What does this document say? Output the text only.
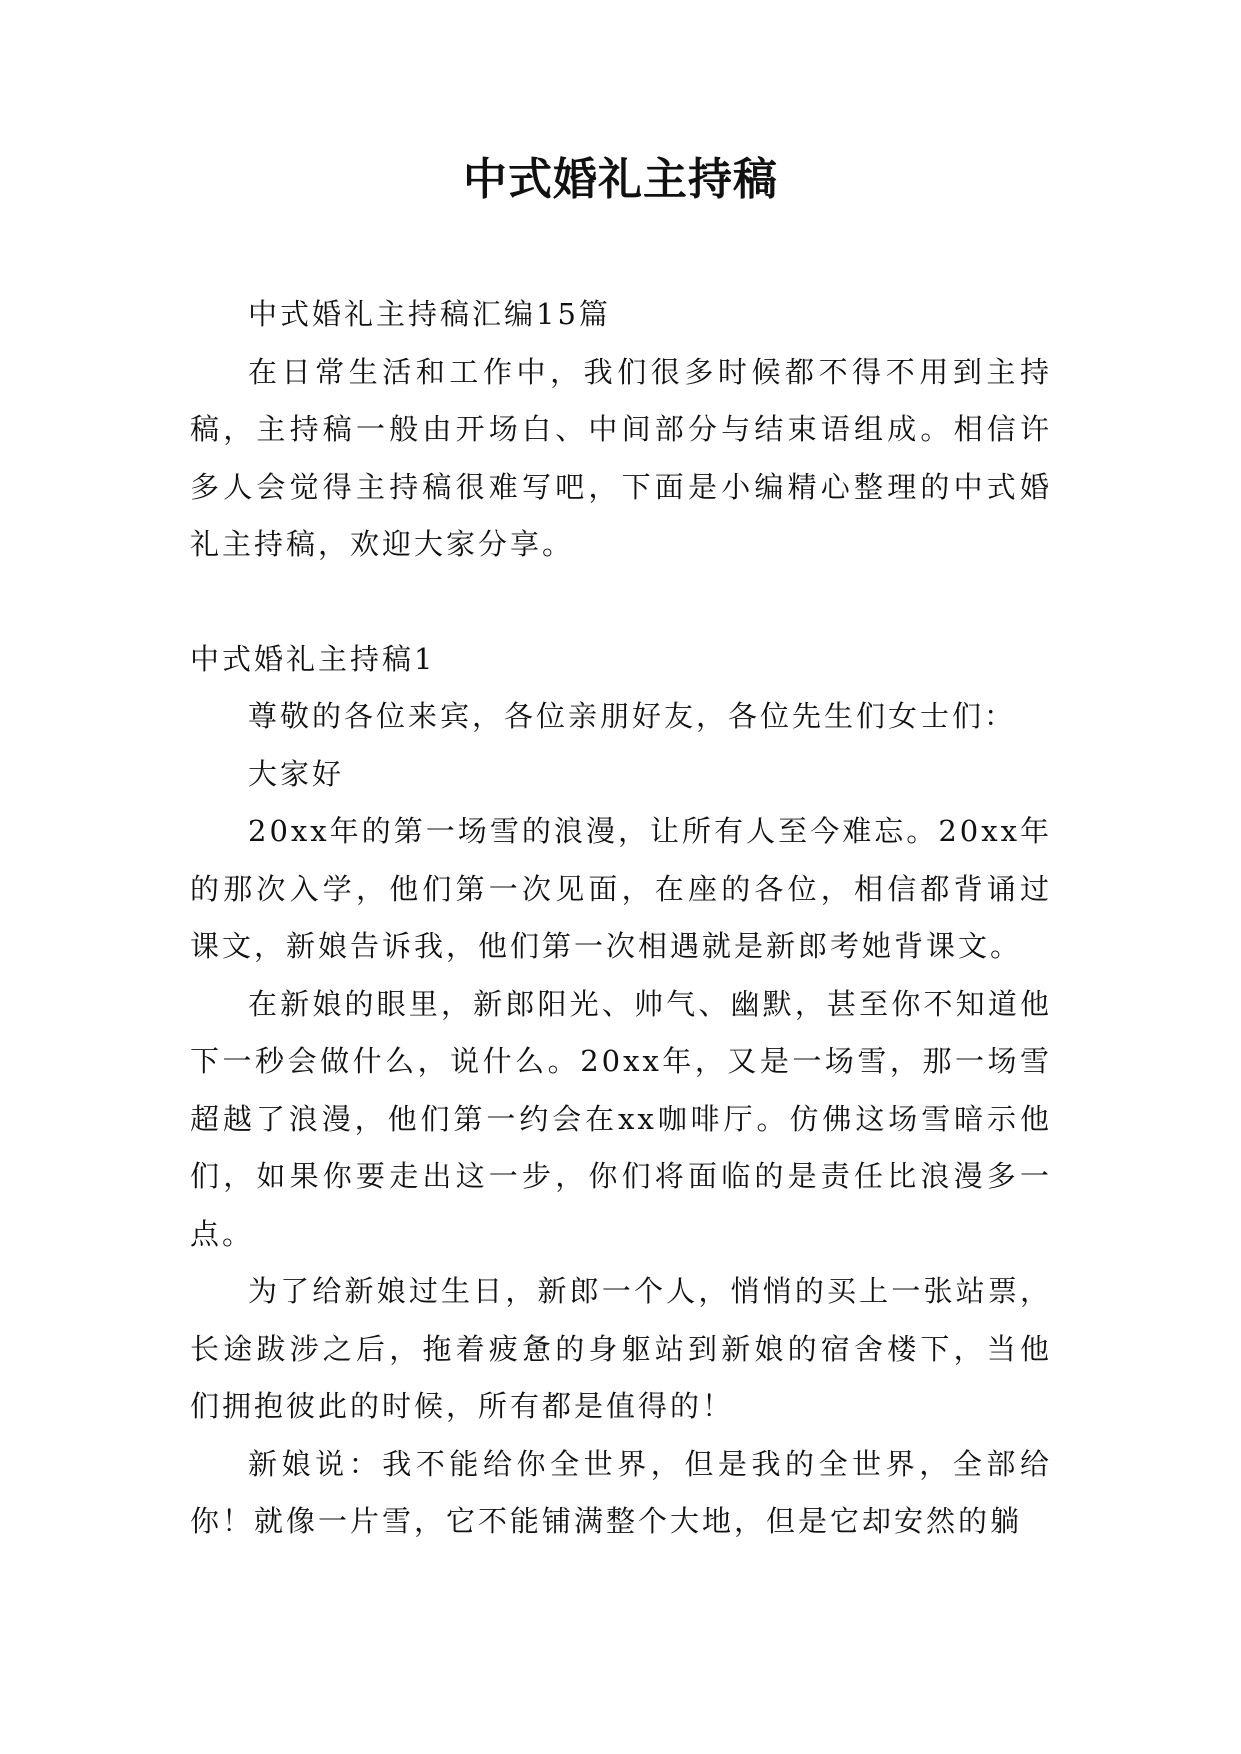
中式婚礼主持稿

中式婚礼主持稿汇编15篇

在日常生活和工作中，我们很多时候都不得不用到主持稿，主持稿一般由开场白、中间部分与结束语组成。相信许多人会觉得主持稿很难写吧，下面是小编精心整理的中式婚礼主持稿，欢迎大家分享。

中式婚礼主持稿1

尊敬的各位来宾，各位亲朋好友，各位先生们女士们：

大家好

20xx年的第一场雪的浪漫，让所有人至今难忘。20xx年的那次入学，他们第一次见面，在座的各位，相信都背诵过课文，新娘告诉我，他们第一次相遇就是新郎考她背课文。

在新娘的眼里，新郎阳光、帅气、幽默，甚至你不知道他下一秒会做什么，说什么。20xx年，又是一场雪，那一场雪超越了浪漫，他们第一约会在xx咖啡厅。仿佛这场雪暗示他们，如果你要走出这一步，你们将面临的是责任比浪漫多一点。

为了给新娘过生日，新郎一个人，悄悄的买上一张站票，长途跋涉之后，拖着疲惫的身躯站到新娘的宿舍楼下，当他们拥抱彼此的时候，所有都是值得的！

新娘说：我不能给你全世界，但是我的全世界，全部给你！就像一片雪，它不能铺满整个大地，但是它却安然的躺
